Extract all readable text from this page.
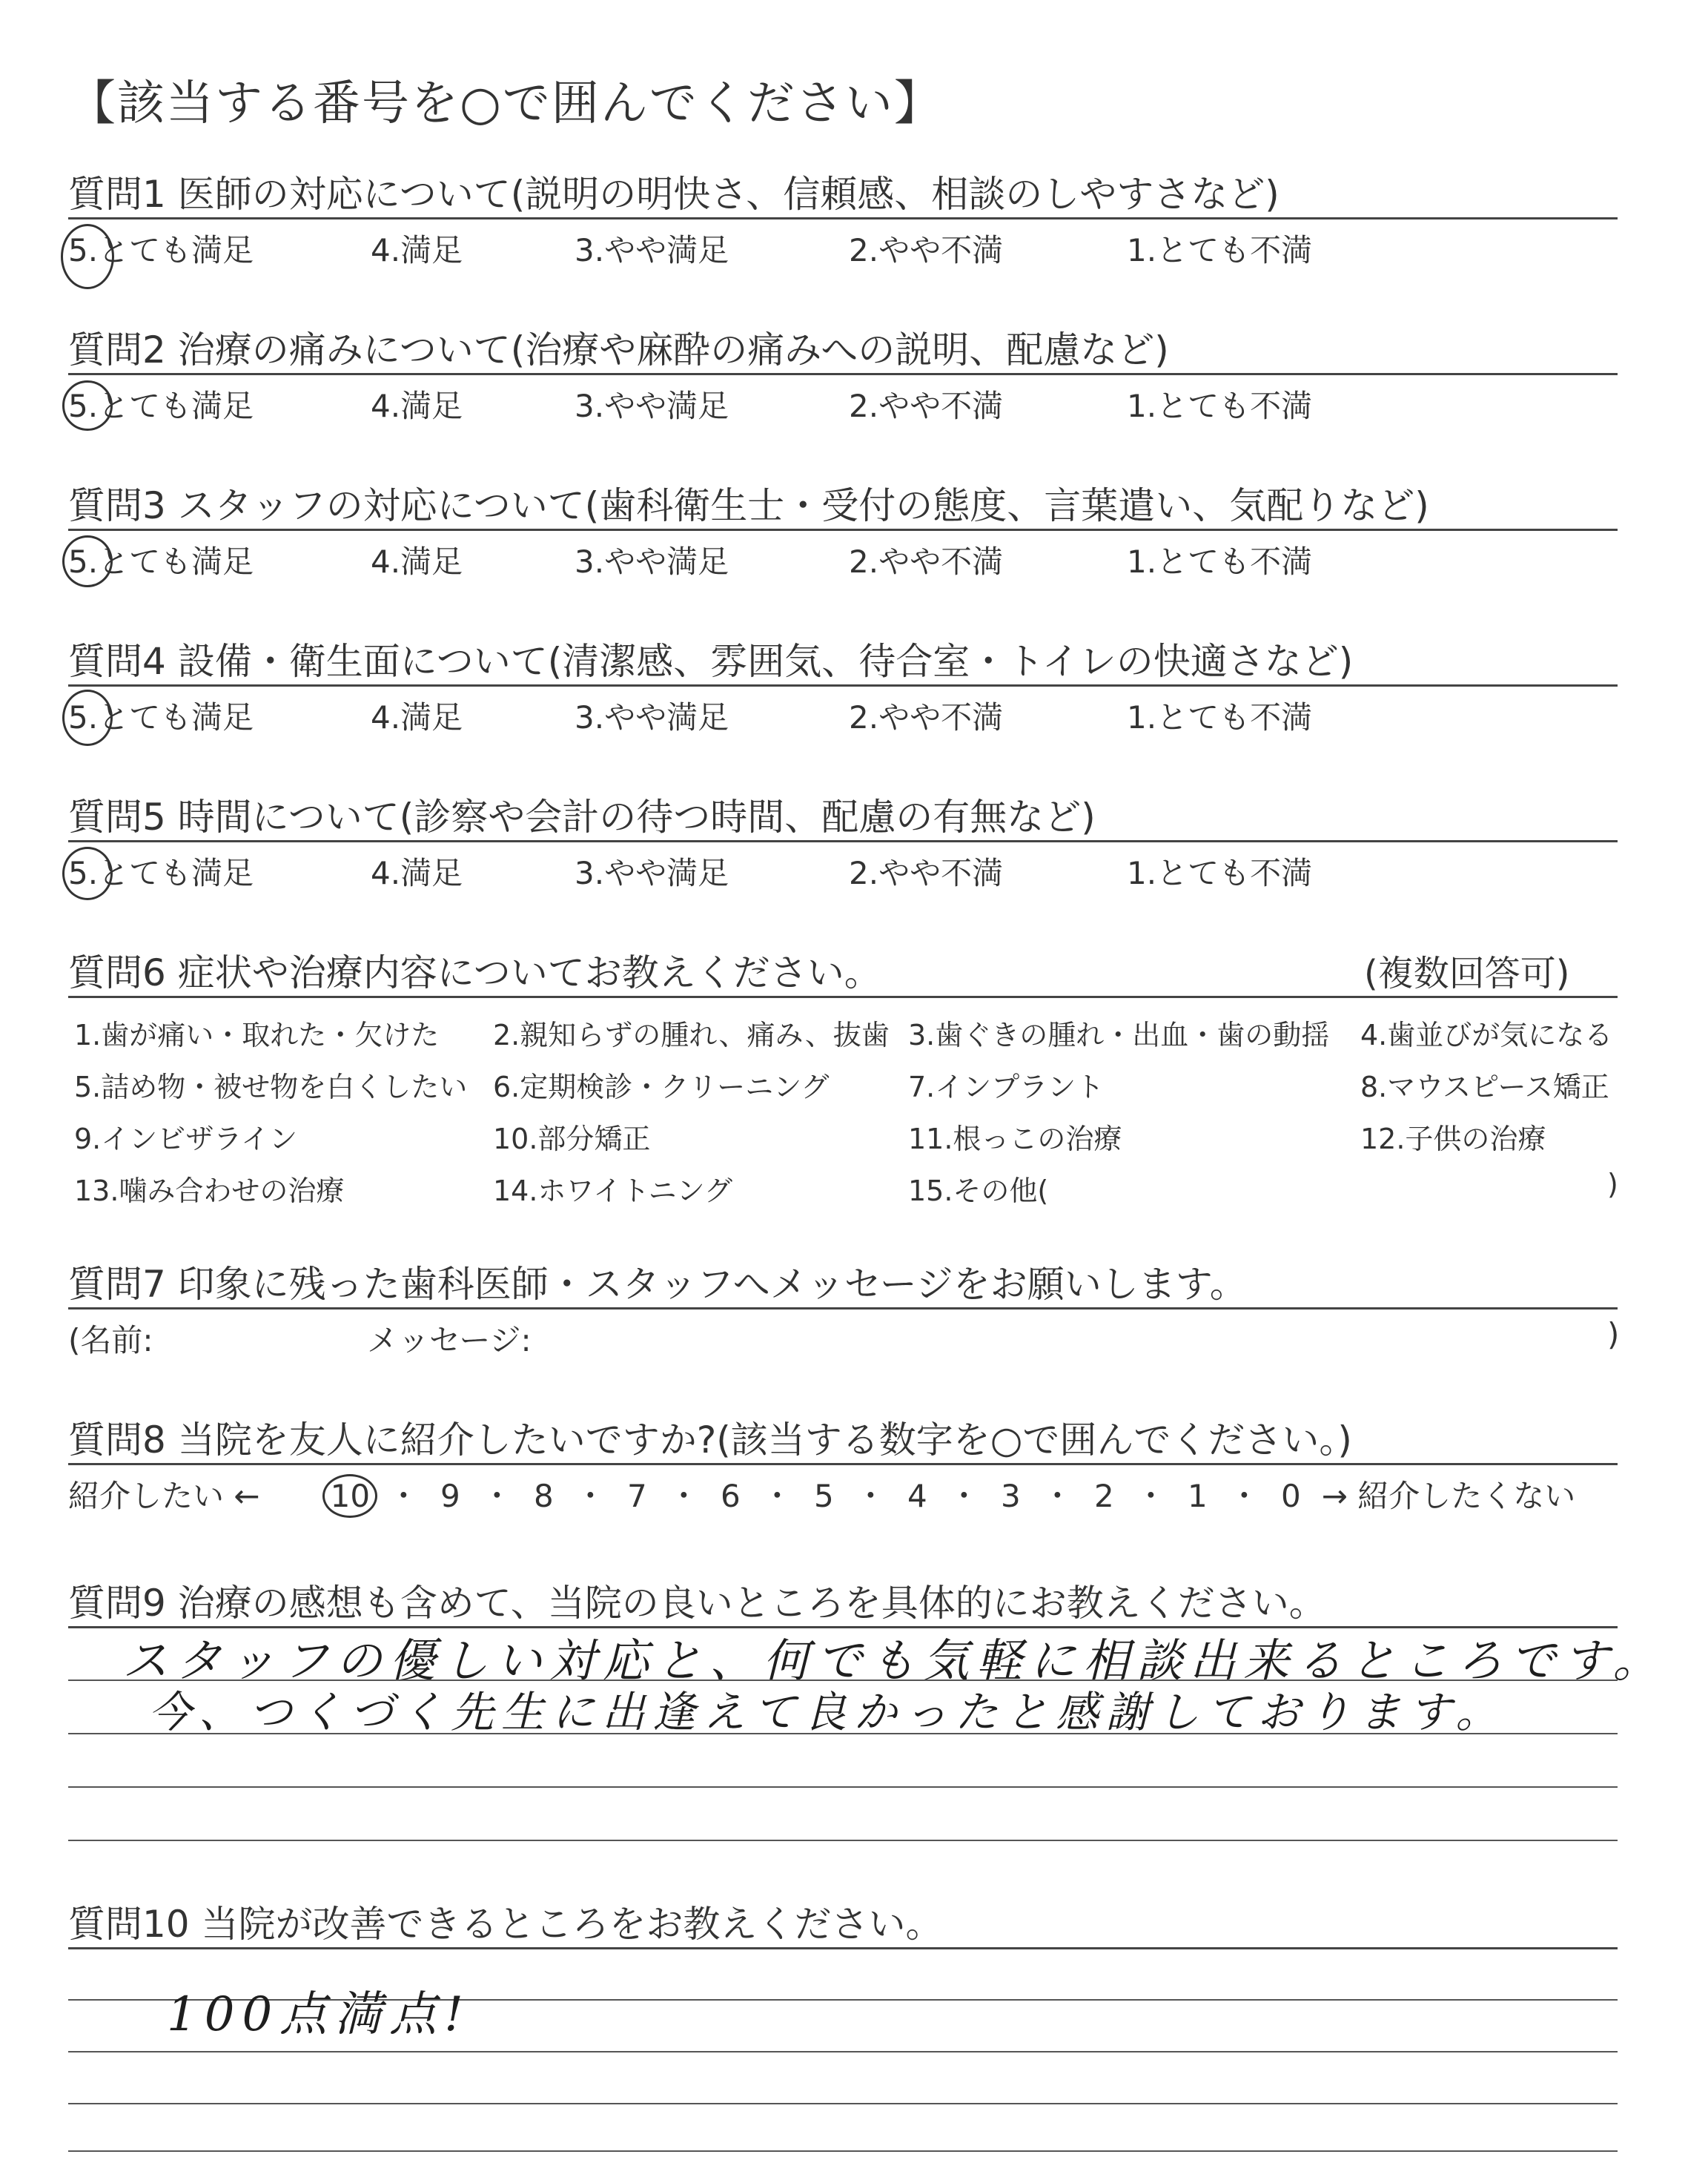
【該当する番号を○で囲んでください】
質問1 医師の対応について(説明の明快さ、信頼感、相談のしやすさなど)
5.とても満足	4.満足	3.やや満足	2.やや不満	1.とても不満
質問2 治療の痛みについて(治療や麻酔の痛みへの説明、配慮など)
5.とても満足	4.満足	3.やや満足	2.やや不満	1.とても不満
質問3 スタッフの対応について(歯科衛生士・受付の態度、言葉遣い、気配りなど)
5.とても満足	4.満足	3.やや満足	2.やや不満	1.とても不満
質問4 設備・衛生面について(清潔感、雰囲気、待合室・トイレの快適さなど)
5.とても満足	4.満足	3.やや満足	2.やや不満	1.とても不満
質問5 時間について(診察や会計の待つ時間、配慮の有無など)
5.とても満足	4.満足	3.やや満足	2.やや不満	1.とても不満
質問6 症状や治療内容についてお教えください。	(複数回答可)
1.歯が痛い・取れた・欠けた 2.親知らずの腫れ、痛み、抜歯 3.歯ぐきの腫れ・出血・歯の動揺 4.歯並びが気になる
5.詰め物・被せ物を白くしたい 6.定期検診・クリーニング	7.インプラント	8.マウスピース矯正
9.インビザライン	10.部分矯正	11.根っこの治療	12.子供の治療
13.噛み合わせの治療	14.ホワイトニング	15.その他(	)
質問7 印象に残った歯科医師・スタッフへメッセージをお願いします。
(名前:	メッセージ:	)
質問8 当院を友人に紹介したいですか?(該当する数字を○で囲んでください。)
紹介したい ← 10 ・ 9 ・ 8 ・ 7 ・ 6 ・ 5 ・ 4 ・ 3 ・ 2 ・ 1 ・ 0 → 紹介したくない
質問9 治療の感想も含めて、当院の良いところを具体的にお教えください。
スタッフの優しい対応と、何でも気軽に相談出来るところです。
今、つくづく先生に出逢えて良かったと感謝しております。
質問10 当院が改善できるところをお教えください。
100点満点!
